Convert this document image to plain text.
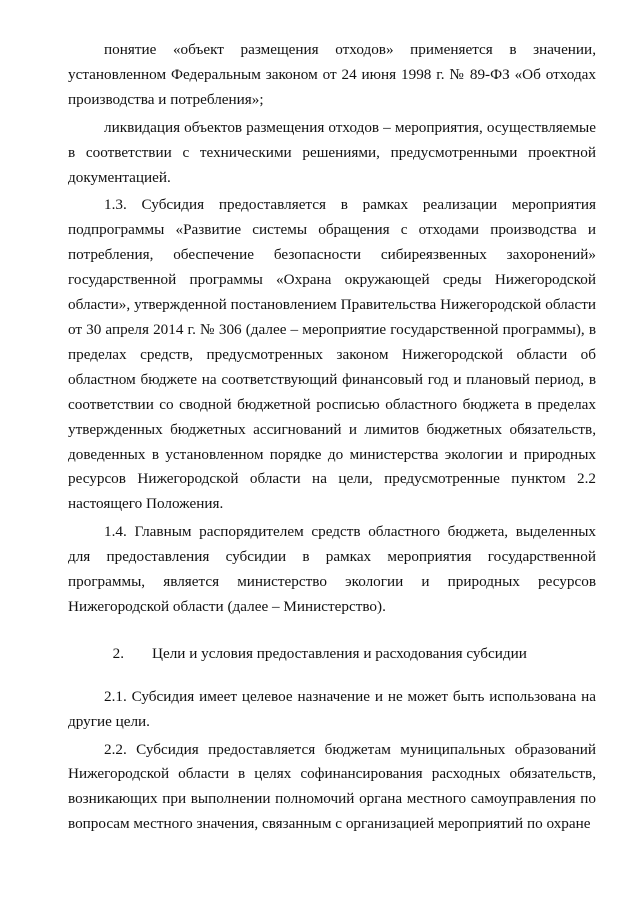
понятие «объект размещения отходов» применяется в значении, установленном Федеральным законом от 24 июня 1998 г. № 89-ФЗ «Об отходах производства и потребления»;

ликвидация объектов размещения отходов – мероприятия, осуществляемые в соответствии с техническими решениями, предусмотренными проектной документацией.

1.3. Субсидия предоставляется в рамках реализации мероприятия подпрограммы «Развитие системы обращения с отходами производства и потребления, обеспечение безопасности сибиреязвенных захоронений» государственной программы «Охрана окружающей среды Нижегородской области», утвержденной постановлением Правительства Нижегородской области от 30 апреля 2014 г. № 306 (далее – мероприятие государственной программы), в пределах средств, предусмотренных законом Нижегородской области об областном бюджете на соответствующий финансовый год и плановый период, в соответствии со сводной бюджетной росписью областного бюджета в пределах утвержденных бюджетных ассигнований и лимитов бюджетных обязательств, доведенных в установленном порядке до министерства экологии и природных ресурсов Нижегородской области на цели, предусмотренные пунктом 2.2 настоящего Положения.

1.4. Главным распорядителем средств областного бюджета, выделенных для предоставления субсидии в рамках мероприятия государственной программы, является министерство экологии и природных ресурсов Нижегородской области (далее – Министерство).

2. Цели и условия предоставления и расходования субсидии

2.1. Субсидия имеет целевое назначение и не может быть использована на другие цели.

2.2. Субсидия предоставляется бюджетам муниципальных образований Нижегородской области в целях софинансирования расходных обязательств, возникающих при выполнении полномочий органа местного самоуправления по вопросам местного значения, связанным с организацией мероприятий по охране
